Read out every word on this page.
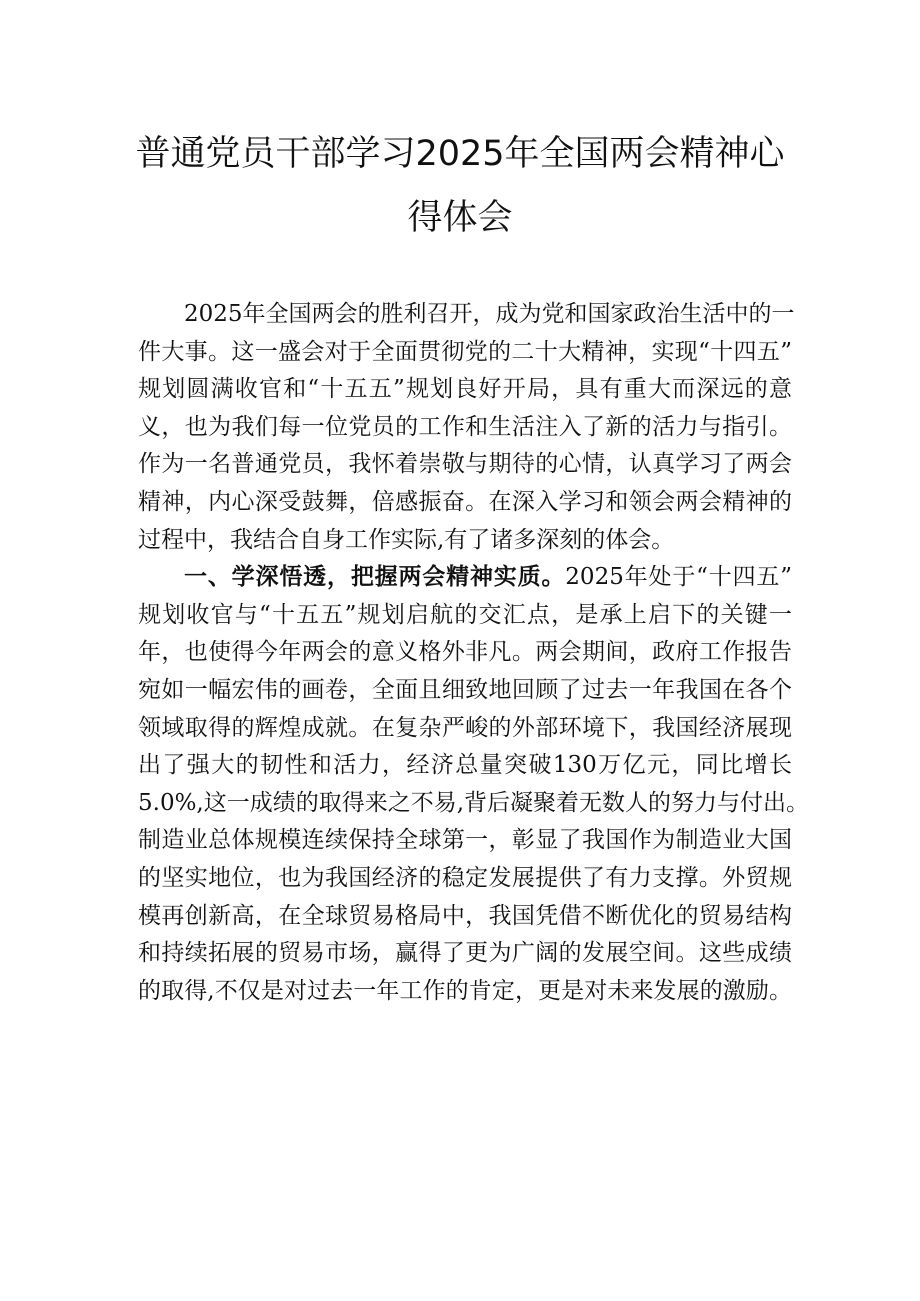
普通党员干部学习2025年全国两会精神心
得体会
2025年全国两会的胜利召开，成为党和国家政治生活中的一
件大事。这一盛会对于全面贯彻党的二十大精神，实现“十四五”
规划圆满收官和“十五五”规划良好开局，具有重大而深远的意
义，也为我们每一位党员的工作和生活注入了新的活力与指引。
作为一名普通党员，我怀着崇敬与期待的心情，认真学习了两会
精神，内心深受鼓舞，倍感振奋。在深入学习和领会两会精神的
过程中，我结合自身工作实际,有了诸多深刻的体会。
一、学深悟透，把握两会精神实质。2025年处于“十四五”
规划收官与“十五五”规划启航的交汇点，是承上启下的关键一
年，也使得今年两会的意义格外非凡。两会期间，政府工作报告
宛如一幅宏伟的画卷，全面且细致地回顾了过去一年我国在各个
领域取得的辉煌成就。在复杂严峻的外部环境下，我国经济展现
出了强大的韧性和活力，经济总量突破130万亿元，同比增长
5.0%,这一成绩的取得来之不易,背后凝聚着无数人的努力与付出。
制造业总体规模连续保持全球第一，彰显了我国作为制造业大国
的坚实地位，也为我国经济的稳定发展提供了有力支撑。外贸规
模再创新高，在全球贸易格局中，我国凭借不断优化的贸易结构
和持续拓展的贸易市场，赢得了更为广阔的发展空间。这些成绩
的取得,不仅是对过去一年工作的肯定，更是对未来发展的激励。
